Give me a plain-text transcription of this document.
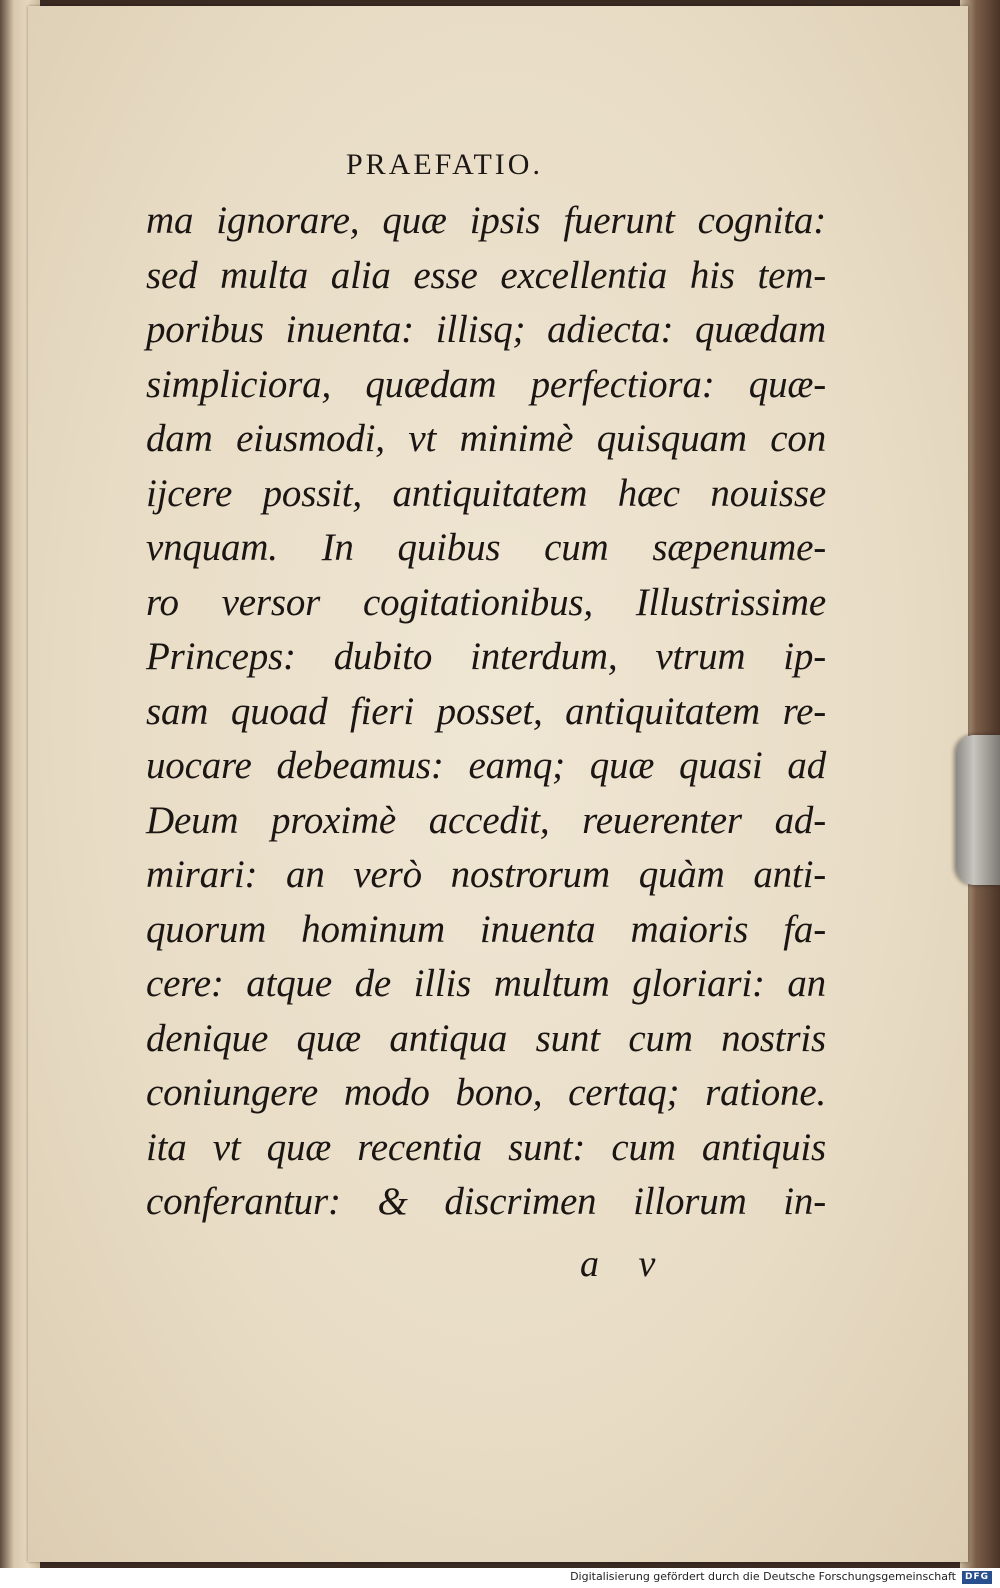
PRAEFATIO.
ma ignorare, quæ ipsis fuerunt cognita:
sed multa alia esse excellentia his tem-
poribus inuenta: illisq; adiecta: quædam
simpliciora, quædam perfectiora: quæ-
dam eiusmodi, vt minimè quisquam con
ijcere possit, antiquitatem hæc nouisse
vnquam. In quibus cum sæpenume-
ro versor cogitationibus, Illustrissime
Princeps: dubito interdum, vtrum ip-
sam quoad fieri posset, antiquitatem re-
uocare debeamus: eamq; quæ quasi ad
Deum proximè accedit, reuerenter ad-
mirari: an verò nostrorum quàm anti-
quorum hominum inuenta maioris fa-
cere: atque de illis multum gloriari: an
denique quæ antiqua sunt cum nostris
coniungere modo bono, certaq; ratione.
ita vt quæ recentia sunt: cum antiquis
conferantur: & discrimen illorum in-
a v
Digitalisierung gefördert durch die Deutsche Forschungsgemeinschaft DFG
